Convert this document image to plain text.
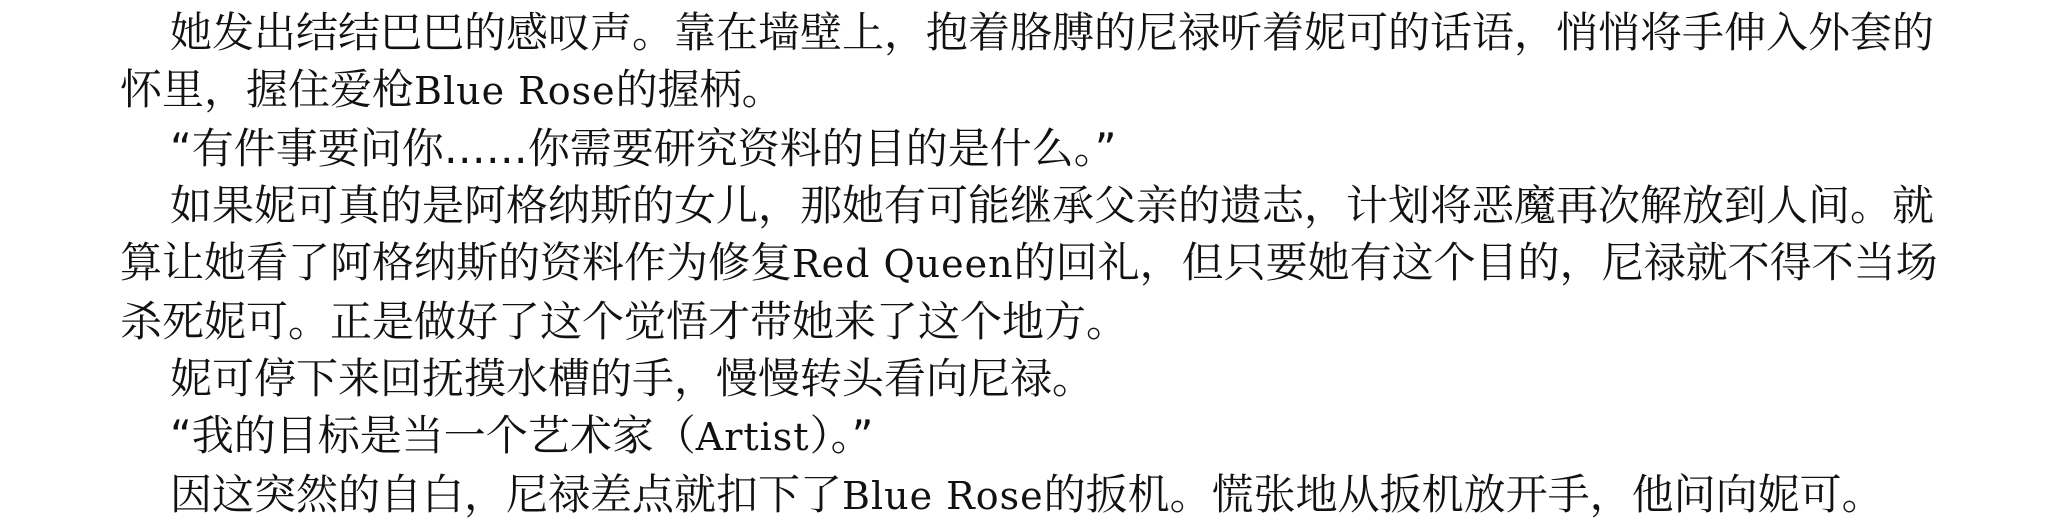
她发出结结巴巴的感叹声。靠在墙壁上，抱着胳膊的尼禄听着妮可的话语，悄悄将手伸入外套的怀里，握住爱枪Blue Rose的握柄。

“有件事要问你……你需要研究资料的目的是什么。”

如果妮可真的是阿格纳斯的女儿，那她有可能继承父亲的遗志，计划将恶魔再次解放到人间。就算让她看了阿格纳斯的资料作为修复Red Queen的回礼，但只要她有这个目的，尼禄就不得不当场杀死妮可。正是做好了这个觉悟才带她来了这个地方。

妮可停下来回抚摸水槽的手，慢慢转头看向尼禄。

“我的目标是当一个艺术家（Artist）。”

因这突然的自白，尼禄差点就扣下了Blue Rose的扳机。慌张地从扳机放开手，他问向妮可。
